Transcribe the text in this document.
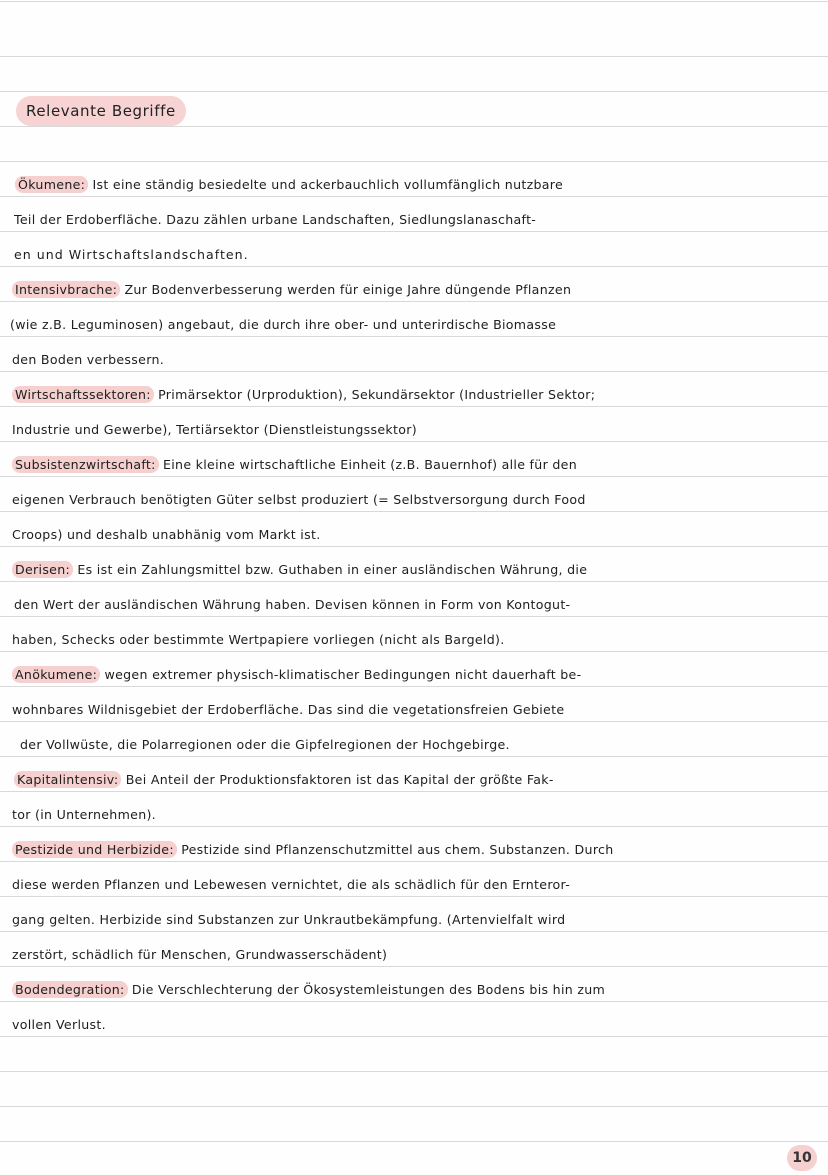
Relevante Begriffe
Ökumene: Ist eine ständig besiedelte und ackerbauchlich vollumfänglich nutzbare
Teil der Erdoberfläche. Dazu zählen urbane Landschaften, Siedlungslanaschaft-
en und Wirtschaftslandschaften.
Intensivbrache: Zur Bodenverbesserung werden für einige Jahre düngende Pflanzen
(wie z.B. Leguminosen) angebaut, die durch ihre ober- und unterirdische Biomasse
den Boden verbessern.
Wirtschaftssektoren: Primärsektor (Urproduktion), Sekundärsektor (Industrieller Sektor;
Industrie und Gewerbe), Tertiärsektor (Dienstleistungssektor)
Subsistenzwirtschaft: Eine kleine wirtschaftliche Einheit (z.B. Bauernhof) alle für den
eigenen Verbrauch benötigten Güter selbst produziert (= Selbstversorgung durch Food
Croops) und deshalb unabhänig vom Markt ist.
Derisen: Es ist ein Zahlungsmittel bzw. Guthaben in einer ausländischen Währung, die
den Wert der ausländischen Währung haben. Devisen können in Form von Kontogut-
haben, Schecks oder bestimmte Wertpapiere vorliegen (nicht als Bargeld).
Anökumene: wegen extremer physisch-klimatischer Bedingungen nicht dauerhaft be-
wohnbares Wildnisgebiet der Erdoberfläche. Das sind die vegetationsfreien Gebiete
der Vollwüste, die Polarregionen oder die Gipfelregionen der Hochgebirge.
Kapitalintensiv: Bei Anteil der Produktionsfaktoren ist das Kapital der größte Fak-
tor (in Unternehmen).
Pestizide und Herbizide: Pestizide sind Pflanzenschutzmittel aus chem. Substanzen. Durch
diese werden Pflanzen und Lebewesen vernichtet, die als schädlich für den Ernteror-
gang gelten. Herbizide sind Substanzen zur Unkrautbekämpfung. (Artenvielfalt wird
zerstört, schädlich für Menschen, Grundwasserschädent)
Bodendegration: Die Verschlechterung der Ökosystemleistungen des Bodens bis hin zum
vollen Verlust.
10
